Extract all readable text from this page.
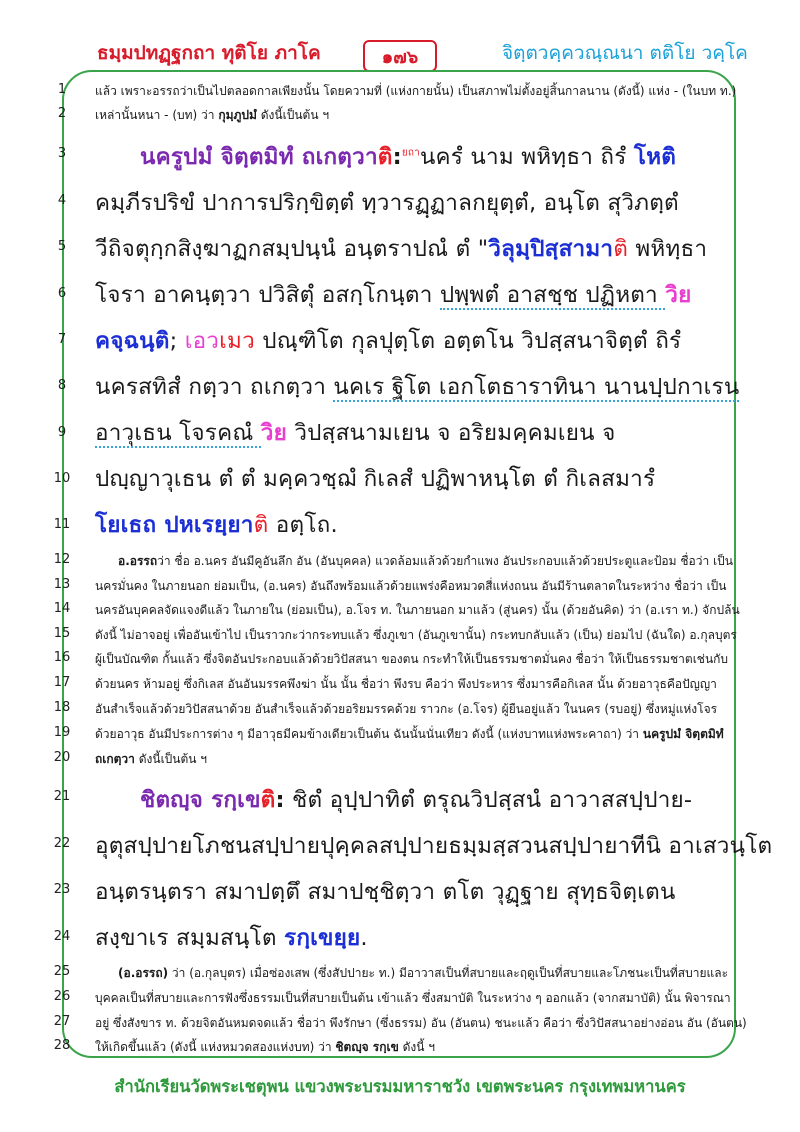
ธมฺมปทฏฺฐกถา ทุติโย ภาโค	๑๗๖	จิตฺตวคฺควณฺณนา ตติโย วคฺโค
1	แล้ว เพราะอรรถว่าเป็นไปตลอดกาลเพียงนั้น โดยความที่ (แห่งกายนั้น) เป็นสภาพไม่ตั้งอยู่สิ้นกาลนาน (ดังนี้) แห่ง - (ในบท ท.)
2	เหล่านั้นหนา - (บท) ว่า กุมฺภูปมํ ดังนี้เป็นต้น ฯ
3	นครูปมํ จิตฺตมิทํ ถเกตฺวาติ:$^{ยถา}$นครํ นาม พหิทฺธา ถิรํ โหติ
4	คมฺภีรปริขํ ปาการปริกฺขิตฺตํ ทฺวารฏฺฏาลกยุตฺตํ, อนฺโต สุวิภตฺตํ
5	วีถิจตุกฺกสิงฺฆาฏกสมฺปนฺนํ อนฺตราปณํ ตํ "วิลุมฺปิสฺสามาติ พหิทฺธา
6	โจรา อาคนฺตฺวา ปวิสิตุํ อสกฺโกนฺตา ปพฺพตํ อาสชฺช ปฏิหตา วิย
7	คจฺฉนฺติ; เอวเมว ปณฺฑิโต กุลปุตฺโต อตฺตโน วิปสฺสนาจิตฺตํ ถิรํ
8	นครสทิสํ กตฺวา ถเกตฺวา นคเร ฐิโต เอกโตธาราทินา นานปฺปกาเรน
9	อาวุเธน โจรคณํ วิย วิปสฺสนามเยน จ อริยมคฺคมเยน จ
10 ปญฺญาวุเธน ตํ ตํ มคฺควชฺฌํ กิเลสํ ปฏิพาหนฺโต ตํ กิเลสมารํ
11 โยเธถ ปหเรยฺยาติ อตฺโถ.
12	อ.อรรถว่า ชื่อ อ.นคร อันมีคูอันลึก อัน (อันบุคคล) แวดล้อมแล้วด้วยกำแพง อันประกอบแล้วด้วยประตูและป้อม ชื่อว่า เป็น
13	นครมั่นคง ในภายนอก ย่อมเป็น, (อ.นคร) อันถึงพร้อมแล้วด้วยแพร่งคือหมวดสี่แห่งถนน อันมีร้านตลาดในระหว่าง ชื่อว่า เป็น
14	นครอันบุคคลจัดแจงดีแล้ว ในภายใน (ย่อมเป็น), อ.โจร ท. ในภายนอก มาแล้ว (สู่นคร) นั้น (ด้วยอันคิด) ว่า (อ.เรา ท.) จักปล้น
15	ดังนี้ ไม่อาจอยู่ เพื่ออันเข้าไป เป็นราวกะว่ากระทบแล้ว ซึ่งภูเขา (อันภูเขานั้น) กระทบกลับแล้ว (เป็น) ย่อมไป (ฉันใด) อ.กุลบุตร
16	ผู้เป็นบัณฑิต กั้นแล้ว ซึ่งจิตอันประกอบแล้วด้วยวิปัสสนา ของตน กระทำให้เป็นธรรมชาตมั่นคง ชื่อว่า ให้เป็นธรรมชาตเช่นกับ
17	ด้วยนคร ห้ามอยู่ ซึ่งกิเลส อันอันมรรคพึงฆ่า นั้น นั้น ชื่อว่า พึงรบ คือว่า พึงประหาร ซึ่งมารคือกิเลส นั้น ด้วยอาวุธคือปัญญา
18	อันสำเร็จแล้วด้วยวิปัสสนาด้วย อันสำเร็จแล้วด้วยอริยมรรคด้วย ราวกะ (อ.โจร) ผู้ยืนอยู่แล้ว ในนคร (รบอยู่) ซึ่งหมู่แห่งโจร
19	ด้วยอาวุธ อันมีประการต่าง ๆ มีอาวุธมีคมข้างเดียวเป็นต้น ฉันนั้นนั่นเทียว ดังนี้ (แห่งบาทแห่งพระคาถา) ว่า นครูปมํ จิตฺตมิทํ
20	ถเกตฺวา ดังนี้เป็นต้น ฯ
21	ชิตญฺจ รกฺเขติ: ชิตํ อุปฺปาทิตํ ตรุณวิปสฺสนํ อาวาสสปฺปาย-
22 อุตุสปฺปายโภชนสปฺปายปุคฺคลสปฺปายธมฺมสฺสวนสปฺปายาทีนิ อาเสวนฺโต
23 อนฺตรนฺตรา สมาปตฺตึ สมาปชฺชิตฺวา ตโต วุฏฺฐาย สุทฺธจิตฺเตน
24 สงฺขาเร สมฺมสนฺโต รกฺเขยฺย.
25	(อ.อรรถ) ว่า (อ.กุลบุตร) เมื่อซ่องเสพ (ซึ่งสัปปายะ ท.) มีอาวาสเป็นที่สบายและฤดูเป็นที่สบายและโภชนะเป็นที่สบายและ
26	บุคคลเป็นที่สบายและการฟังซึ่งธรรมเป็นที่สบายเป็นต้น เข้าแล้ว ซึ่งสมาบัติ ในระหว่าง ๆ ออกแล้ว (จากสมาบัติ) นั้น พิจารณา
27	อยู่ ซึ่งสังขาร ท. ด้วยจิตอันหมดจดแล้ว ชื่อว่า พึงรักษา (ซึ่งธรรม) อัน (อันตน) ชนะแล้ว คือว่า ซึ่งวิปัสสนาอย่างอ่อน อัน (อันตน)
28	ให้เกิดขึ้นแล้ว (ดังนี้ แห่งหมวดสองแห่งบท) ว่า ชิตญฺจ รกฺเข ดังนี้ ฯ
สำนักเรียนวัดพระเชตุพน แขวงพระบรมมหาราชวัง เขตพระนคร กรุงเทพมหานคร
